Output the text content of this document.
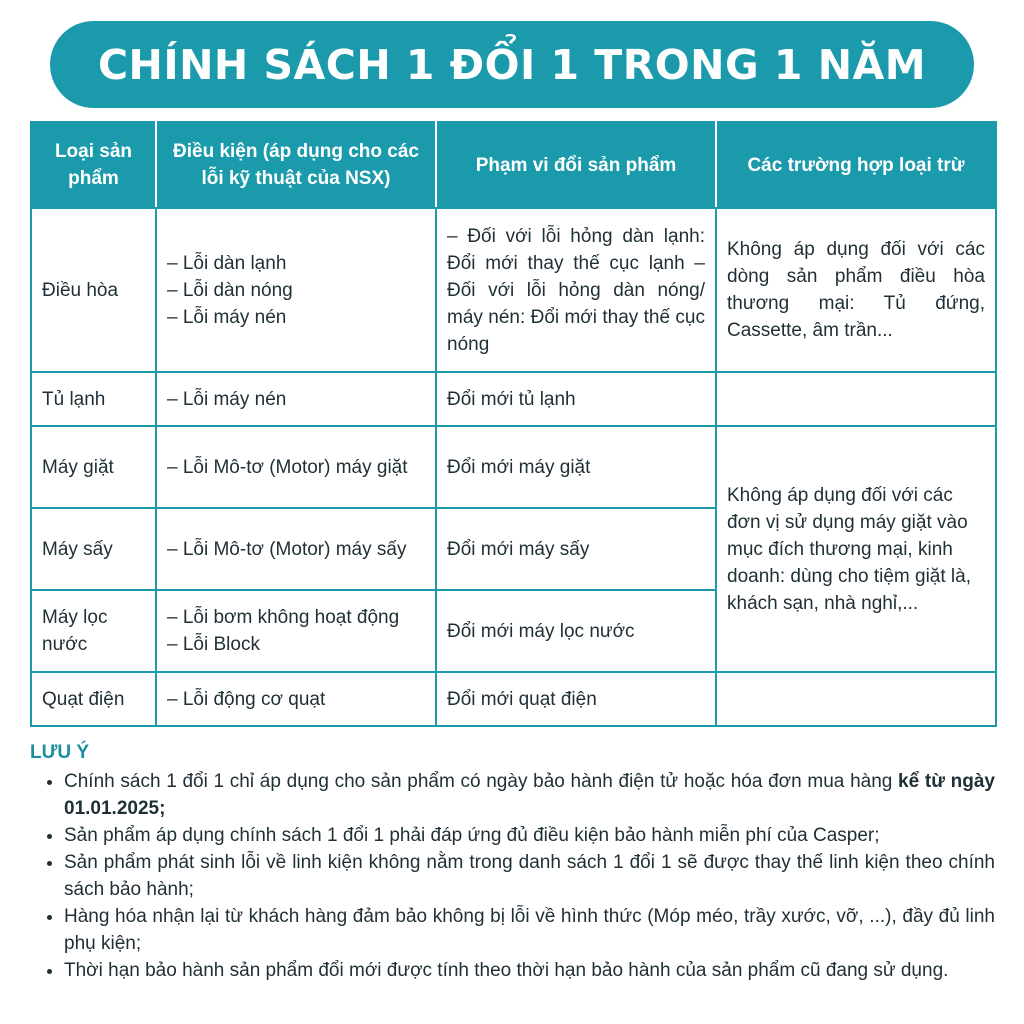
CHÍNH SÁCH 1 ĐỔI 1 TRONG 1 NĂM
Loại sản phẩm	Điều kiện (áp dụng cho các lỗi kỹ thuật của NSX)	Phạm vi đổi sản phẩm	Các trường hợp loại trừ
Điều hòa	– Lỗi dàn lạnh
– Lỗi dàn nóng
– Lỗi máy nén	– Đối với lỗi hỏng dàn lạnh: Đổi mới thay thế cục lạnh – Đối với lỗi hỏng dàn nóng/ máy nén: Đổi mới thay thế cục nóng	Không áp dụng đối với các dòng sản phẩm điều hòa thương mại: Tủ đứng, Cassette, âm trần...
Tủ lạnh	– Lỗi máy nén	Đổi mới tủ lạnh	
Máy giặt	– Lỗi Mô-tơ (Motor) máy giặt	Đổi mới máy giặt	Không áp dụng đối với các đơn vị sử dụng máy giặt vào mục đích thương mại, kinh doanh: dùng cho tiệm giặt là, khách sạn, nhà nghỉ,...
Máy sấy	– Lỗi Mô-tơ (Motor) máy sấy	Đổi mới máy sấy	
Máy lọc nước	– Lỗi bơm không hoạt động
– Lỗi Block	Đổi mới máy lọc nước	
Quạt điện	– Lỗi động cơ quạt	Đổi mới quạt điện	
LƯU Ý
• Chính sách 1 đổi 1 chỉ áp dụng cho sản phẩm có ngày bảo hành điện tử hoặc hóa đơn mua hàng kể từ ngày 01.01.2025;
• Sản phẩm áp dụng chính sách 1 đổi 1 phải đáp ứng đủ điều kiện bảo hành miễn phí của Casper;
• Sản phẩm phát sinh lỗi về linh kiện không nằm trong danh sách 1 đổi 1 sẽ được thay thế linh kiện theo chính sách bảo hành;
• Hàng hóa nhận lại từ khách hàng đảm bảo không bị lỗi về hình thức (Móp méo, trầy xước, vỡ, ...), đầy đủ linh phụ kiện;
• Thời hạn bảo hành sản phẩm đổi mới được tính theo thời hạn bảo hành của sản phẩm cũ đang sử dụng.
